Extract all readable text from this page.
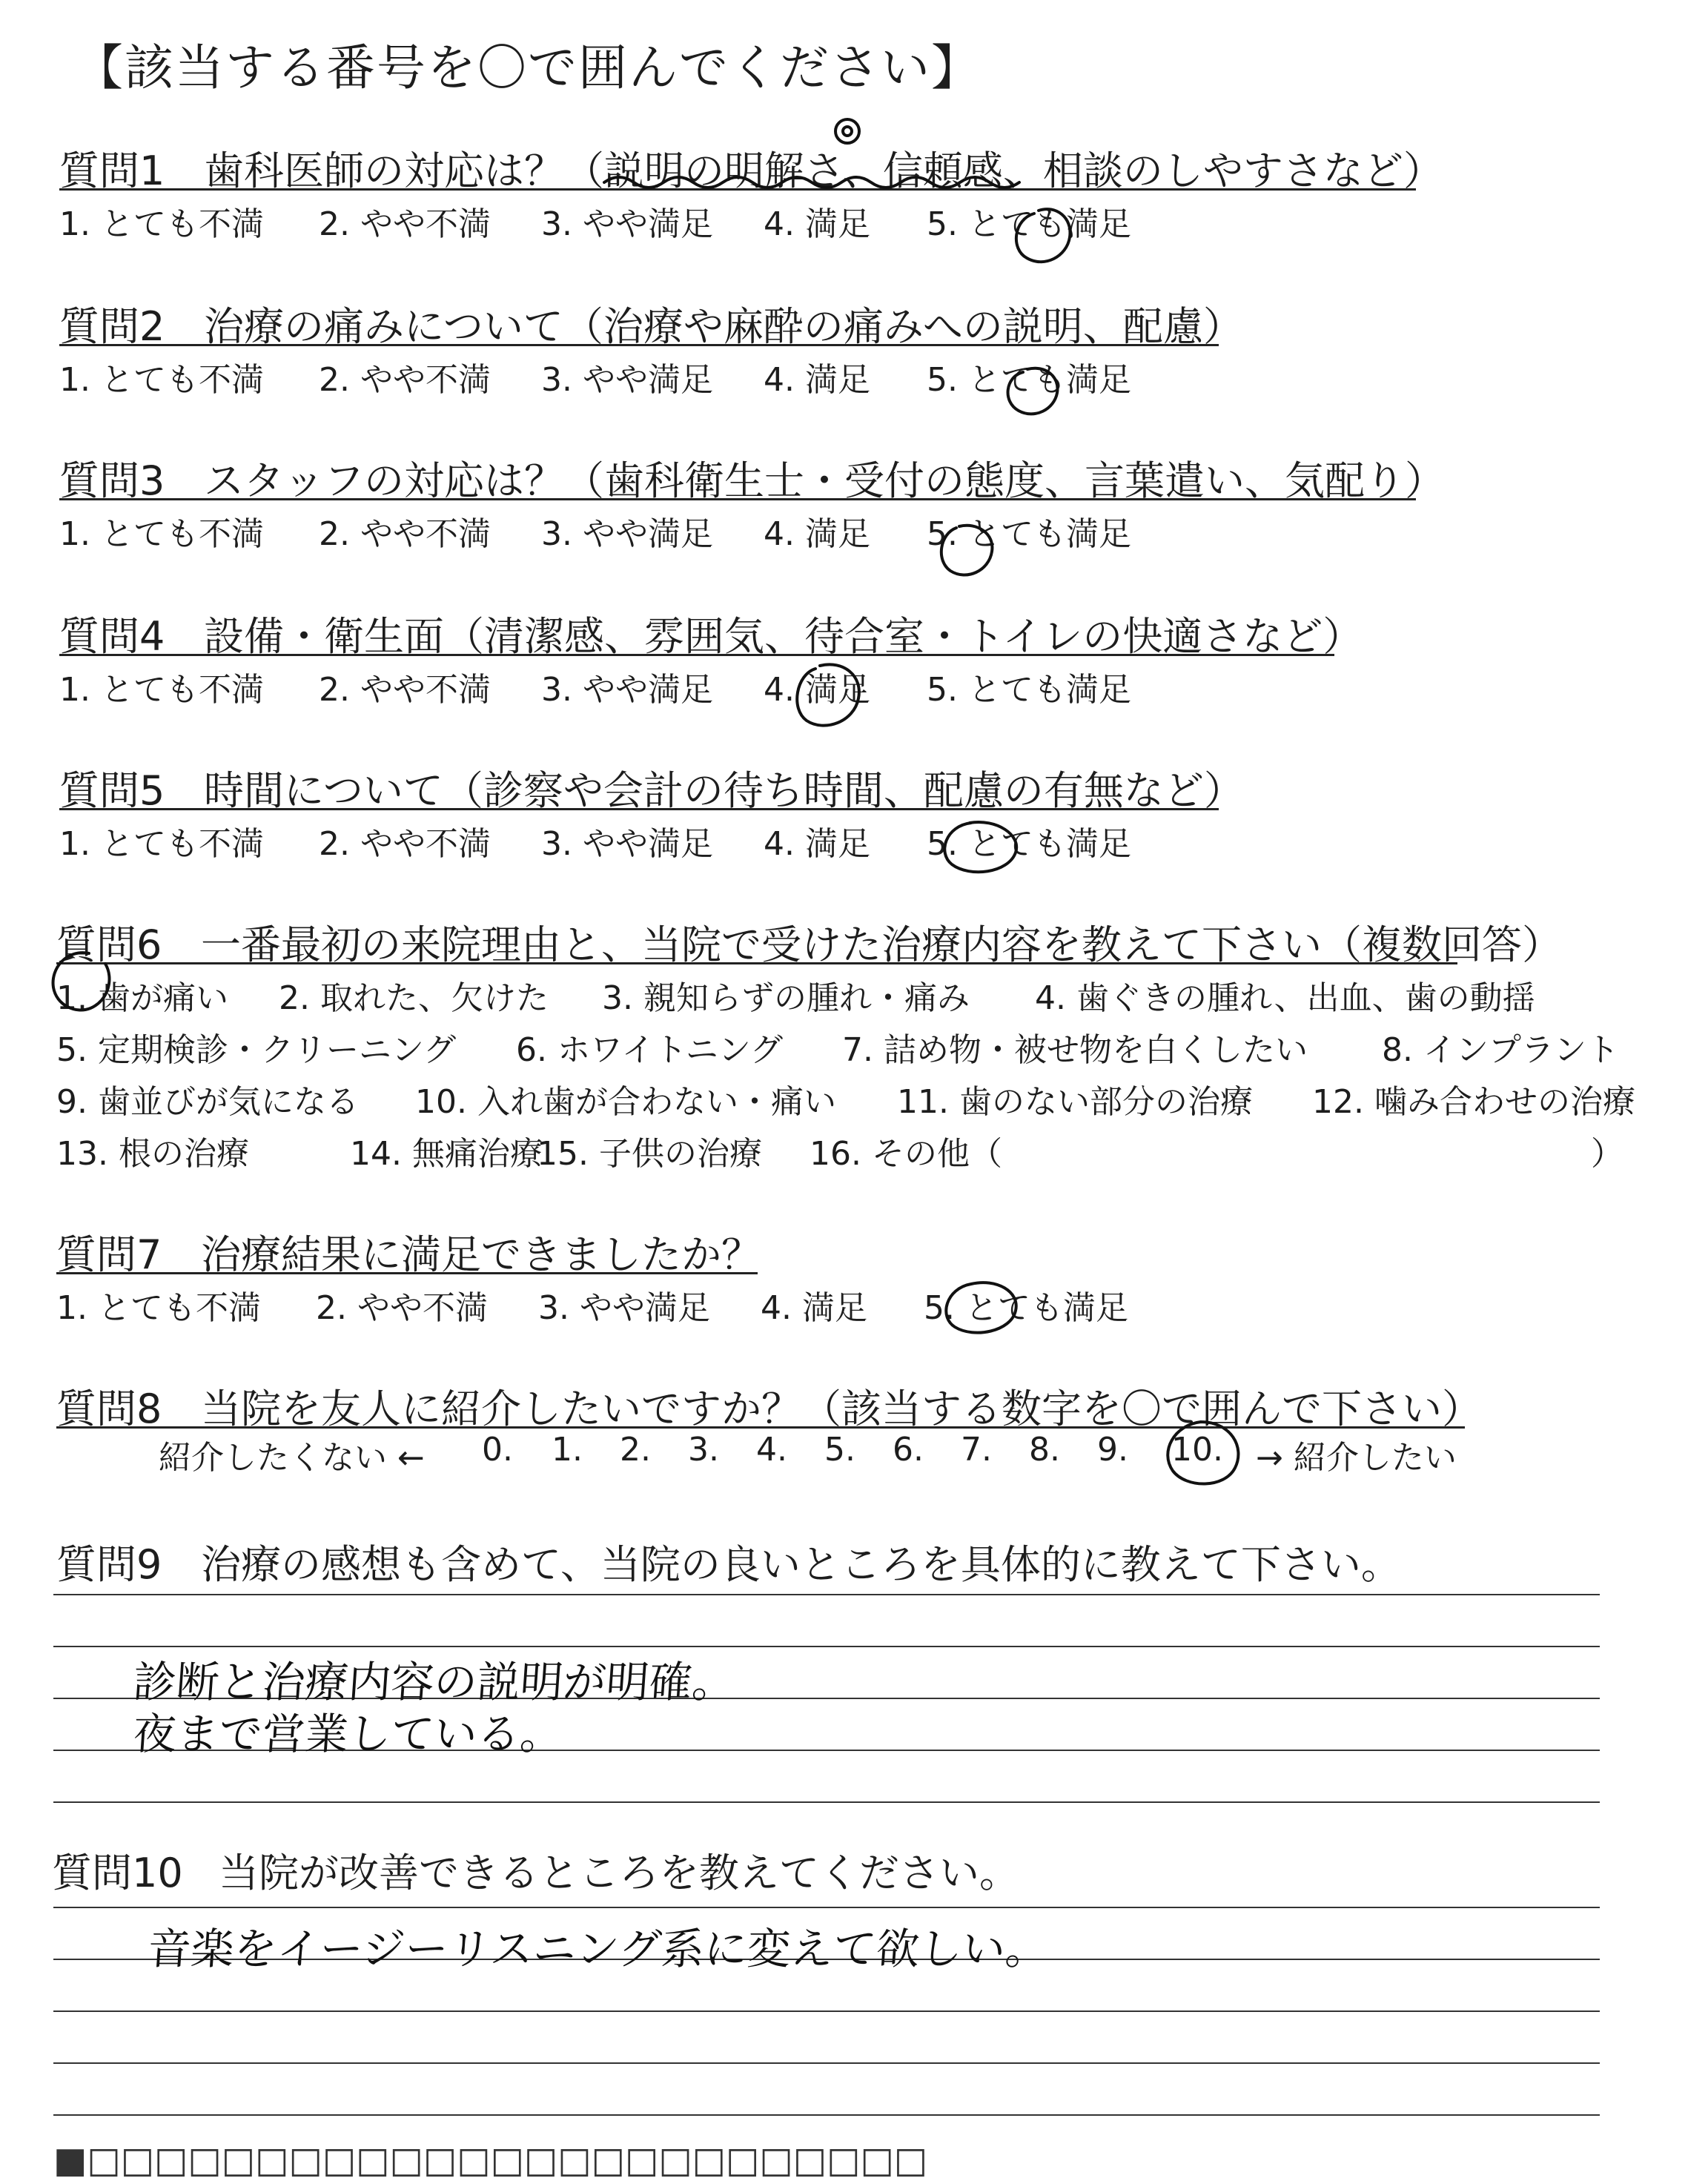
【該当する番号を〇で囲んでください】
質問1 歯科医師の対応は？（説明の明解さ、信頼感、相談のしやすさなど）
1. とても不満 2. やや不満 3. やや満足 4. 満足 5. とても満足
質問2 治療の痛みについて（治療や麻酔の痛みへの説明、配慮）
1. とても不満 2. やや不満 3. やや満足 4. 満足 5. とても満足
質問3 スタッフの対応は？（歯科衛生士・受付の態度、言葉遣い、気配り）
1. とても不満 2. やや不満 3. やや満足 4. 満足 5. とても満足
質問4 設備・衛生面（清潔感、雰囲気、待合室・トイレの快適さなど）
1. とても不満 2. やや不満 3. やや満足 4. 満足 5. とても満足
質問5 時間について（診察や会計の待ち時間、配慮の有無など）
1. とても不満 2. やや不満 3. やや満足 4. 満足 5. とても満足
質問6 一番最初の来院理由と、当院で受けた治療内容を教えて下さい（複数回答）
1. 歯が痛い 2. 取れた、欠けた 3. 親知らずの腫れ・痛み 4. 歯ぐきの腫れ、出血、歯の動揺
5. 定期検診・クリーニング 6. ホワイトニング 7. 詰め物・被せ物を白くしたい 8. インプラント
9. 歯並びが気になる 10. 入れ歯が合わない・痛い 11. 歯のない部分の治療 12. 噛み合わせの治療
13. 根の治療	14. 無痛治療
15. 子供の治療 16. その他（	）
質問7 治療結果に満足できましたか？
1. とても不満 2. やや不満 3. やや満足 4. 満足 5. とても満足
質問8 当院を友人に紹介したいですか？（該当する数字を〇で囲んで下さい）
紹介したくない ← 0. 1. 2. 3. 4. 5. 6. 7. 8. 9. 10. → 紹介したい
質問9 治療の感想も含めて、当院の良いところを具体的に教えて下さい。
診断と治療内容の説明が明確。
夜まで営業している。
質問10 当院が改善できるところを教えてください。
音楽をイージーリスニング系に変えて欲しい。
■□□□□□□□□□□□□□□□□□□□□□□□□□
